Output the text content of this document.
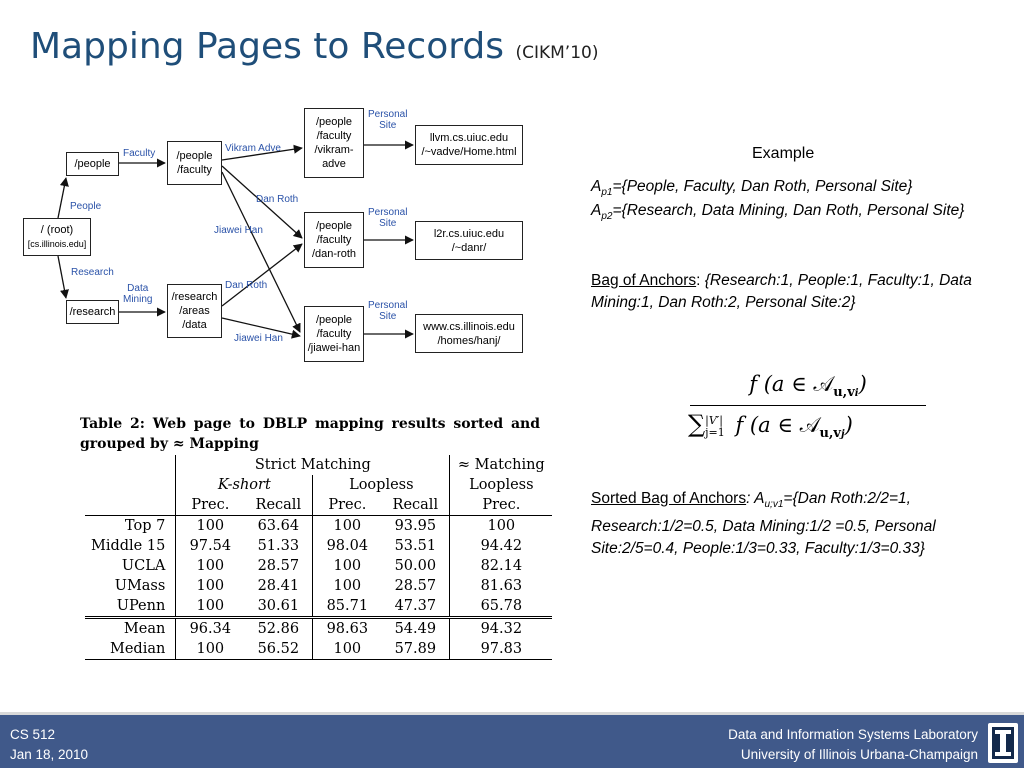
Mapping Pages to Records (CIKM’10)
/ (root)
[cs.illinois.edu]
/people
/research
/people
/faculty
/research
/areas
/data
/people
/faculty
/vikram-
adve
/people
/faculty
/dan-roth
/people
/faculty
/jiawei-han
llvm.cs.uiuc.edu
/~vadve/Home.html
l2r.cs.uiuc.edu
/~danr/
www.cs.illinois.edu
/homes/hanj/
People
Research
Faculty
Data
Mining
Vikram Adve
Dan Roth
Jiawei Han
Dan Roth
Jiawei Han
Personal
Site
Personal
Site
Personal
Site
Example
$A_{p1}=\{People$, Faculty, Dan Roth, Personal Site}
$A_{p2}=\{Research$, Data Mining, Dan Roth, Personal Site}
Bag of Anchors: {Research:1, People:1, Faculty:1, Data Mining:1, Dan Roth:2, Personal Site:2}
f (a ∈ 𝒜$_{u,vi}$)
∑ |V′|
j=1 f (a ∈ 𝒜$_{u,vj}$)
Sorted Bag of Anchors: $A_{u;v1}=\{Dan$ Roth:2/2=1, Research:1/2=0.5, Data Mining:1/2 =0.5, Personal Site:2/5=0.4, People:1/3=0.33, Faculty:1/3=0.33}
Table 2: Web page to DBLP mapping results sorted and grouped by ≈ Mapping
	Strict Matching				≈ Matching
	K-short		Loopless		Loopless
	Prec.	Recall	Prec.	Recall	Prec.
Top 7	100	63.64	100	93.95	100
Middle 15	97.54	51.33	98.04	53.51	94.42
UCLA	100	28.57	100	50.00	82.14
UMass	100	28.41	100	28.57	81.63
UPenn	100	30.61	85.71	47.37	65.78
Mean	96.34	52.86	98.63	54.49	94.32
Median	100	56.52	100	57.89	97.83
CS 512
Jan 18, 2010
Data and Information Systems Laboratory
University of Illinois Urbana-Champaign
